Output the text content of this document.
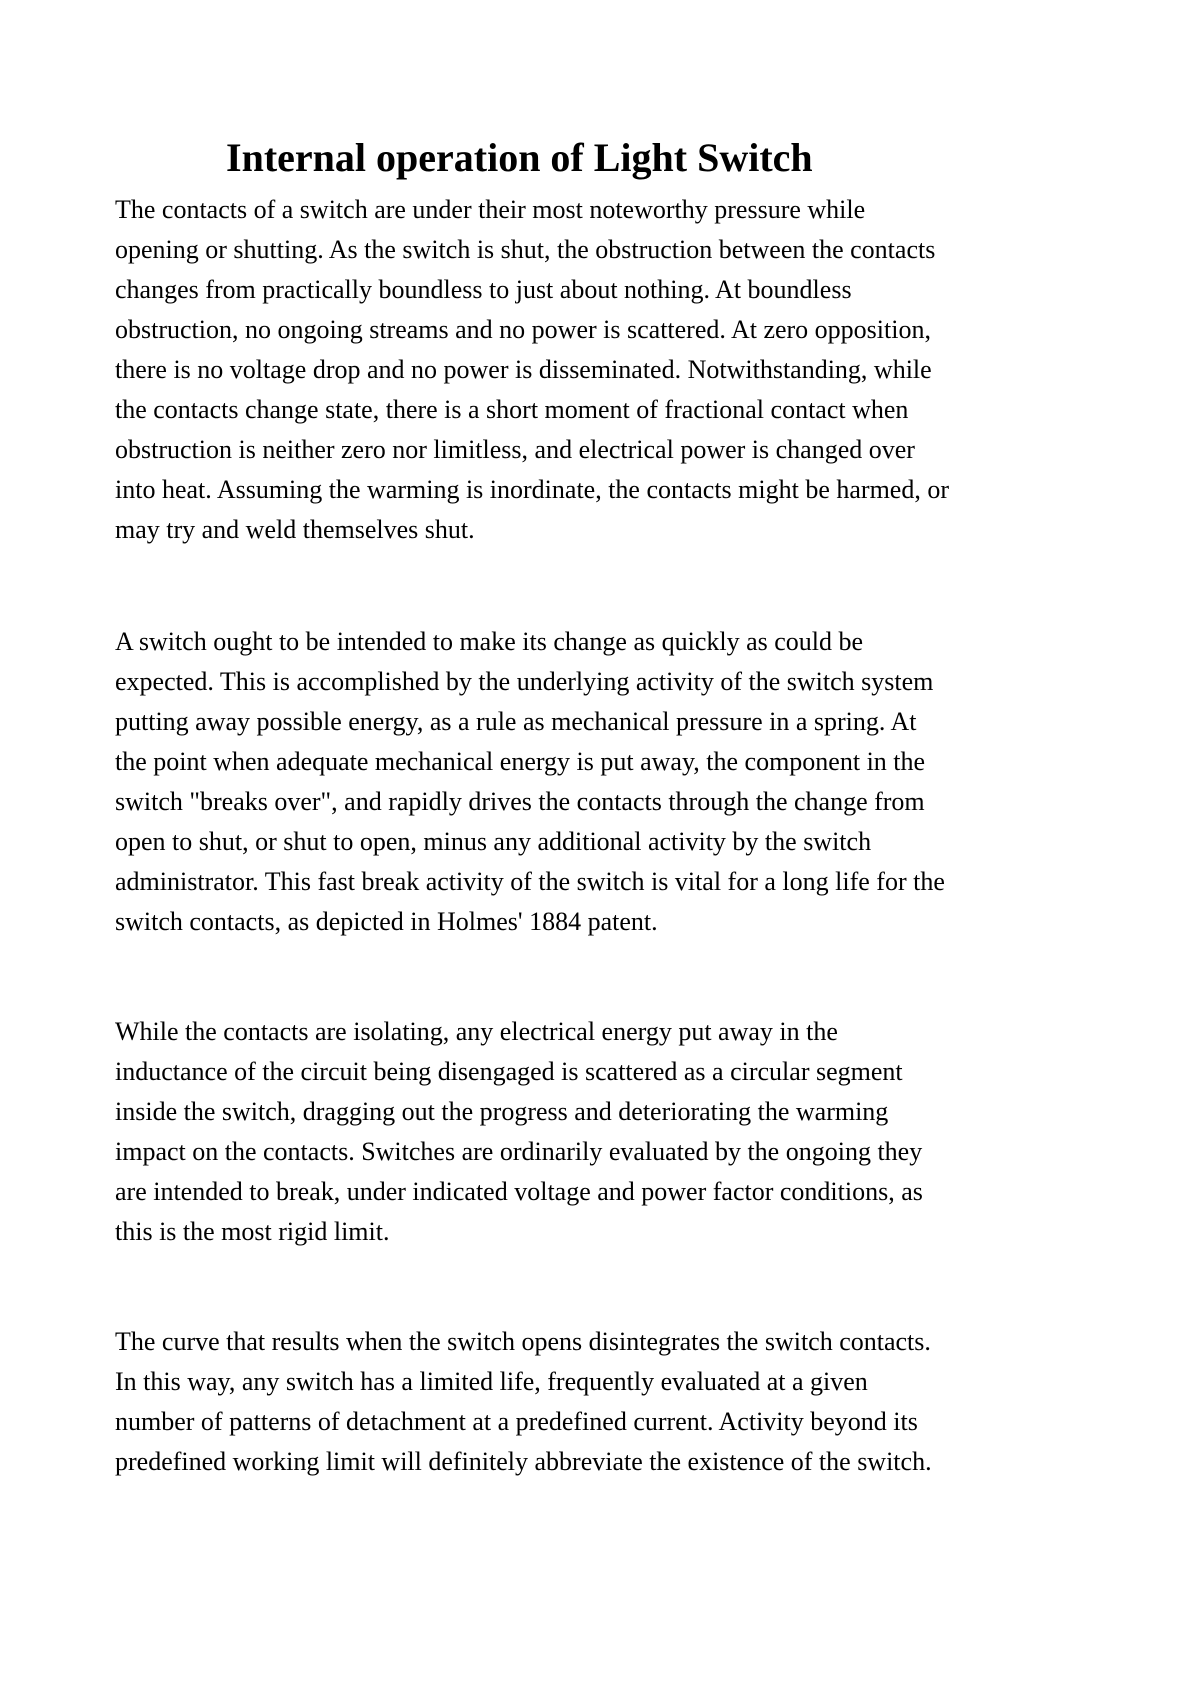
Internal operation of Light Switch
The contacts of a switch are under their most noteworthy pressure while
opening or shutting. As the switch is shut, the obstruction between the contacts
changes from practically boundless to just about nothing. At boundless
obstruction, no ongoing streams and no power is scattered. At zero opposition,
there is no voltage drop and no power is disseminated. Notwithstanding, while
the contacts change state, there is a short moment of fractional contact when
obstruction is neither zero nor limitless, and electrical power is changed over
into heat. Assuming the warming is inordinate, the contacts might be harmed, or
may try and weld themselves shut.
A switch ought to be intended to make its change as quickly as could be
expected. This is accomplished by the underlying activity of the switch system
putting away possible energy, as a rule as mechanical pressure in a spring. At
the point when adequate mechanical energy is put away, the component in the
switch "breaks over", and rapidly drives the contacts through the change from
open to shut, or shut to open, minus any additional activity by the switch
administrator. This fast break activity of the switch is vital for a long life for the
switch contacts, as depicted in Holmes' 1884 patent.
While the contacts are isolating, any electrical energy put away in the
inductance of the circuit being disengaged is scattered as a circular segment
inside the switch, dragging out the progress and deteriorating the warming
impact on the contacts. Switches are ordinarily evaluated by the ongoing they
are intended to break, under indicated voltage and power factor conditions, as
this is the most rigid limit.
The curve that results when the switch opens disintegrates the switch contacts.
In this way, any switch has a limited life, frequently evaluated at a given
number of patterns of detachment at a predefined current. Activity beyond its
predefined working limit will definitely abbreviate the existence of the switch.
